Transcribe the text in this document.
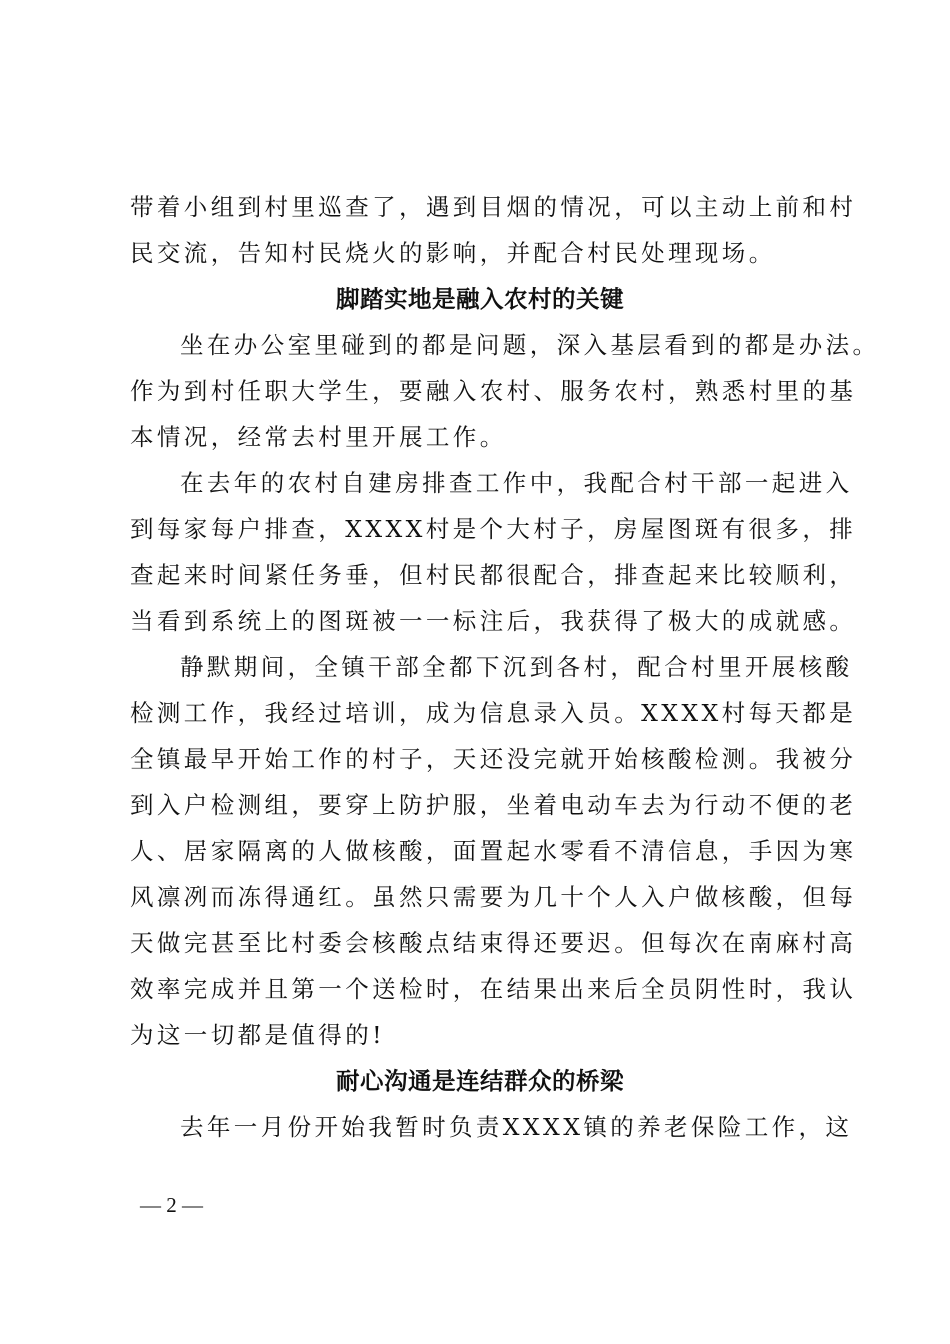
带着小组到村里巡查了，遇到目烟的情况，可以主动上前和村
民交流，告知村民烧火的影响，并配合村民处理现场。
脚踏实地是融入农村的关键
坐在办公室里碰到的都是问题，深入基层看到的都是办法。
作为到村任职大学生，要融入农村、服务农村，熟悉村里的基
本情况，经常去村里开展工作。
在去年的农村自建房排查工作中，我配合村干部一起进入
到每家每户排查，XXXX村是个大村子，房屋图斑有很多，排
查起来时间紧任务垂，但村民都很配合，排查起来比较顺利，
当看到系统上的图斑被一一标注后，我获得了极大的成就感。
静默期间，全镇干部全都下沉到各村，配合村里开展核酸
检测工作，我经过培训，成为信息录入员。XXXX村每天都是
全镇最早开始工作的村子，天还没完就开始核酸检测。我被分
到入户检测组，要穿上防护服，坐着电动车去为行动不便的老
人、居家隔离的人做核酸，面置起水零看不清信息，手因为寒
风凛冽而冻得通红。虽然只需要为几十个人入户做核酸，但每
天做完甚至比村委会核酸点结束得还要迟。但每次在南麻村高
效率完成并且第一个送检时，在结果出来后全员阴性时，我认
为这一切都是值得的!
耐心沟通是连结群众的桥梁
去年一月份开始我暂时负责XXXX镇的养老保险工作，这
— 2 —
